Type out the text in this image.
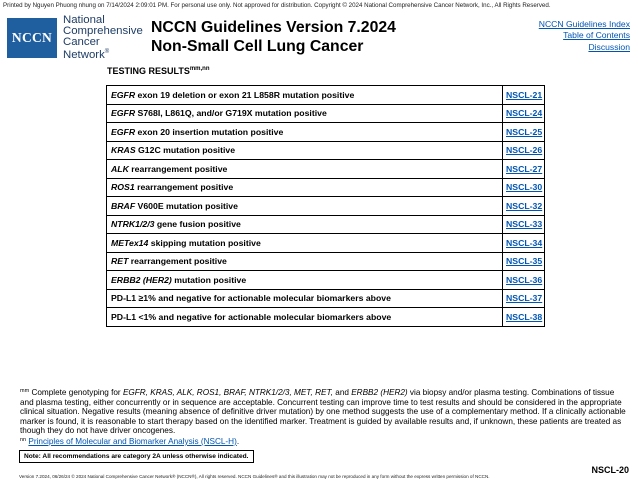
Printed by Nguyen Phuong nhung on 7/14/2024 2:09:01 PM. For personal use only. Not approved for distribution. Copyright © 2024 National Comprehensive Cancer Network, Inc., All Rights Reserved.
NCCN
National
Comprehensive
Cancer
Network®
NCCN Guidelines Version 7.2024
Non-Small Cell Lung Cancer
NCCN Guidelines Index
Table of Contents
Discussion
TESTING $RESULTS^{mm,nn}$
EGFR exon 19 deletion or exon 21 L858R mutation positive	NSCL-21
EGFR S768I, L861Q, and/or G719X mutation positive	NSCL-24
EGFR exon 20 insertion mutation positive	NSCL-25
KRAS G12C mutation positive	NSCL-26
ALK rearrangement positive	NSCL-27
ROS1 rearrangement positive	NSCL-30
BRAF V600E mutation positive	NSCL-32
NTRK1/2/3 gene fusion positive	NSCL-33
METex14 skipping mutation positive	NSCL-34
RET rearrangement positive	NSCL-35
ERBB2 (HER2) mutation positive	NSCL-36
PD-L1 ≥1% and negative for actionable molecular biomarkers above	NSCL-37
PD-L1 <1% and negative for actionable molecular biomarkers above	NSCL-38
$^{mm}$ Complete genotyping for EGFR, KRAS, ALK, ROS1, BRAF, NTRK1/2/3, MET, RET, and ERBB2 (HER2) via biopsy and/or plasma testing. Combinations of tissue and plasma testing, either concurrently or in sequence are acceptable. Concurrent testing can improve time to test results and should be considered in the appropriate clinical situation. Negative results (meaning absence of definitive driver mutation) by one method suggests the use of a complementary method. If a clinically actionable marker is found, it is reasonable to start therapy based on the identified marker. Treatment is guided by available results and, if unknown, these patients are treated as though they do not have driver oncogenes.
$^{nn}$ Principles of Molecular and Biomarker Analysis (NSCL-H).
Note: All recommendations are category 2A unless otherwise indicated.
Version 7.2024, 06/26/24 © 2024 National Comprehensive Cancer Network® (NCCN®), All rights reserved. NCCN Guidelines® and this illustration may not be reproduced in any form without the express written permission of NCCN.
NSCL-20
